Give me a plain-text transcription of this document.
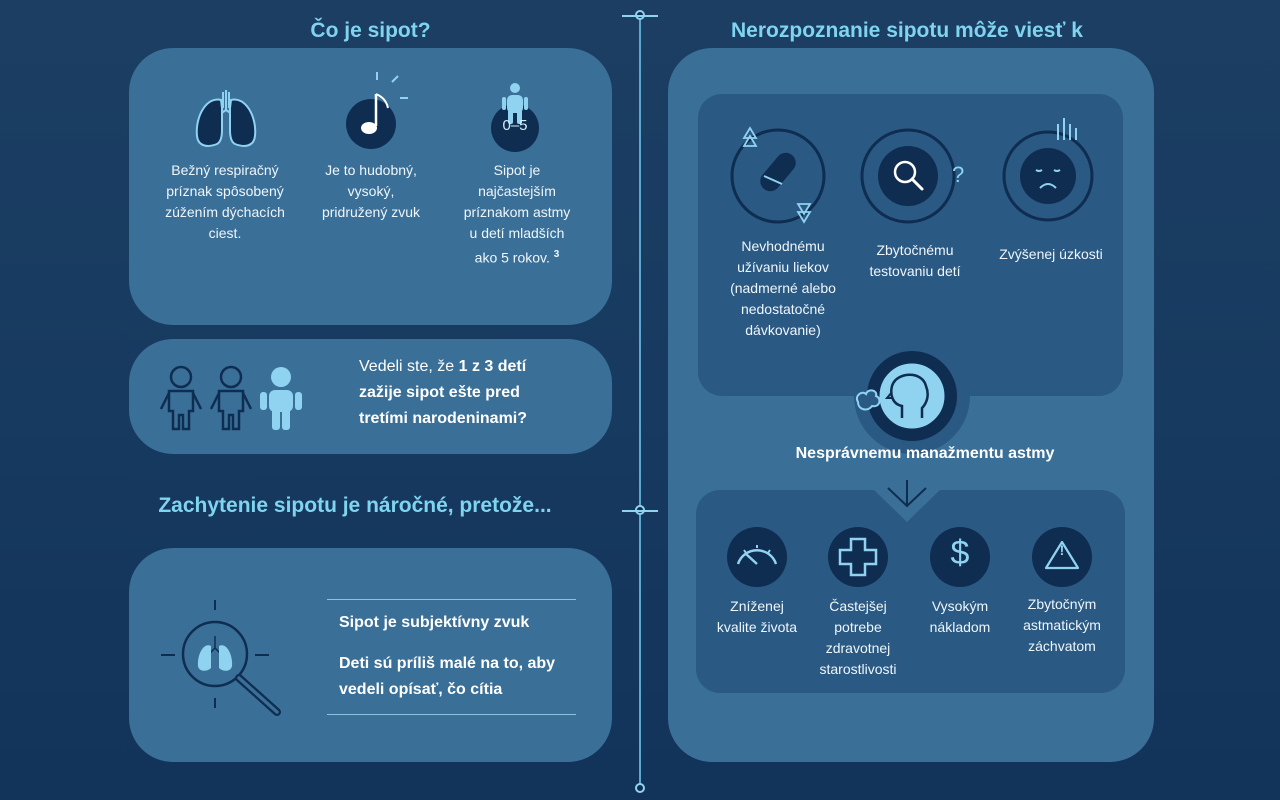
Čo je sipot?
Bežný respiračný príznak spôsobený zúžením dýchacích ciest.
Je to hudobný, vysoký, pridružený zvuk
0–5
Sipot je najčastejším príznakom astmy u detí mladších ako 5 rokov. $^3$
Vedeli ste, že 1 z 3 detí zažije sipot ešte pred tretími narodeninami?
Zachytenie sipotu je náročné, pretože...
Sipot je subjektívny zvuk
Deti sú príliš malé na to, aby vedeli opísať, čo cítia
Nerozpoznanie sipotu môže viesť k
Nevhodnému užívaniu liekov (nadmerné alebo nedostatočné dávkovanie)
?
Zbytočnému testovaniu detí
Zvýšenej úzkosti
Nesprávnemu manažmentu astmy
Zníženej kvalite života
Častejšej potrebe zdravotnej starostlivosti
$
Vysokým nákladom
!
Zbytočným astmatickým záchvatom
